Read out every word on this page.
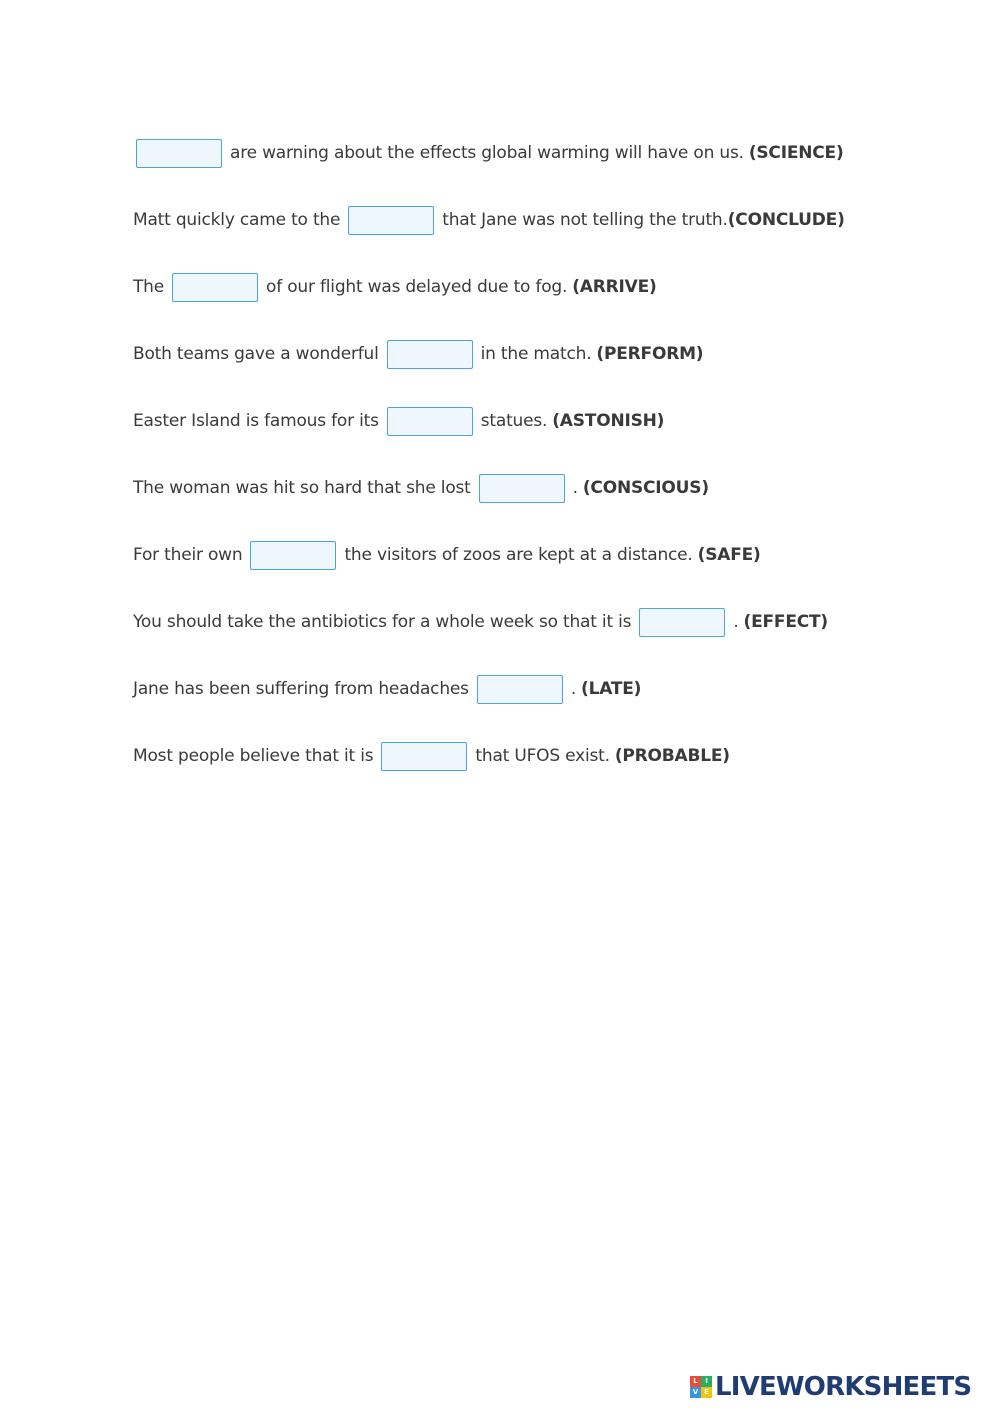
are warning about the effects global warming will have on us. (SCIENCE)
Matt quickly came to the	that Jane was not telling the truth. (CONCLUDE)
The	of our flight was delayed due to fog. (ARRIVE)
Both teams gave a wonderful	in the match. (PERFORM)
Easter Island is famous for its	statues. (ASTONISH)
The woman was hit so hard that she lost	. (CONSCIOUS)
For their own	the visitors of zoos are kept at a distance. (SAFE)
You should take the antibiotics for a whole week so that it is	. (EFFECT)
Jane has been suffering from headaches	. (LATE)
Most people believe that it is	that UFOS exist. (PROBABLE)
L	I
V E LIVEWORKSHEETS
